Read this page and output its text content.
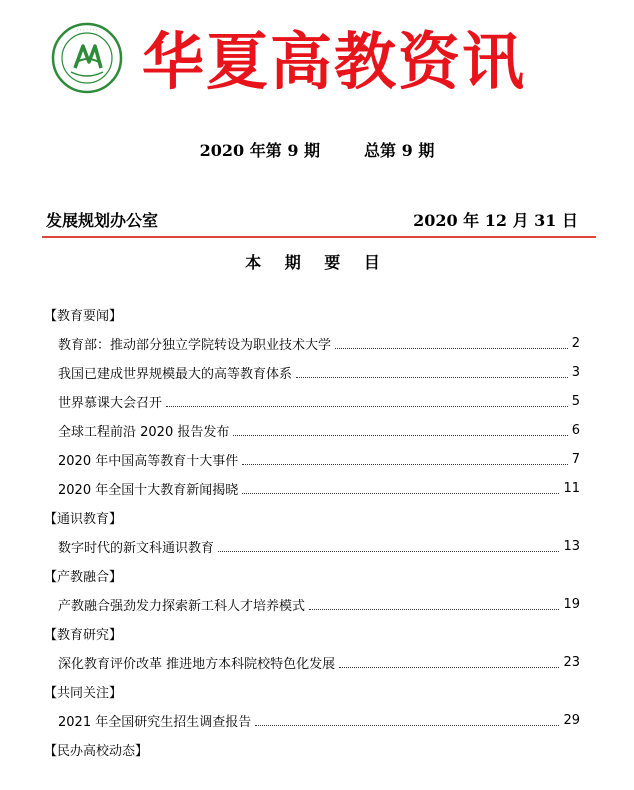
· · · · · · · 华夏高教资讯
2020 年第 9 期	总第 9 期
发展规划办公室	2020 年 12 月 31 日
本 期 要 目
【教育要闻】
教育部：推动部分独立学院转设为职业技术大学	2
我国已建成世界规模最大的高等教育体系	3
世界慕课大会召开	5
全球工程前沿 2020 报告发布	6
2020 年中国高等教育十大事件	7
2020 年全国十大教育新闻揭晓	11
【通识教育】
数字时代的新文科通识教育	13
【产教融合】
产教融合强劲发力探索新工科人才培养模式	19
【教育研究】
深化教育评价改革 推进地方本科院校特色化发展	23
【共同关注】
2021 年全国研究生招生调查报告	29
【民办高校动态】
